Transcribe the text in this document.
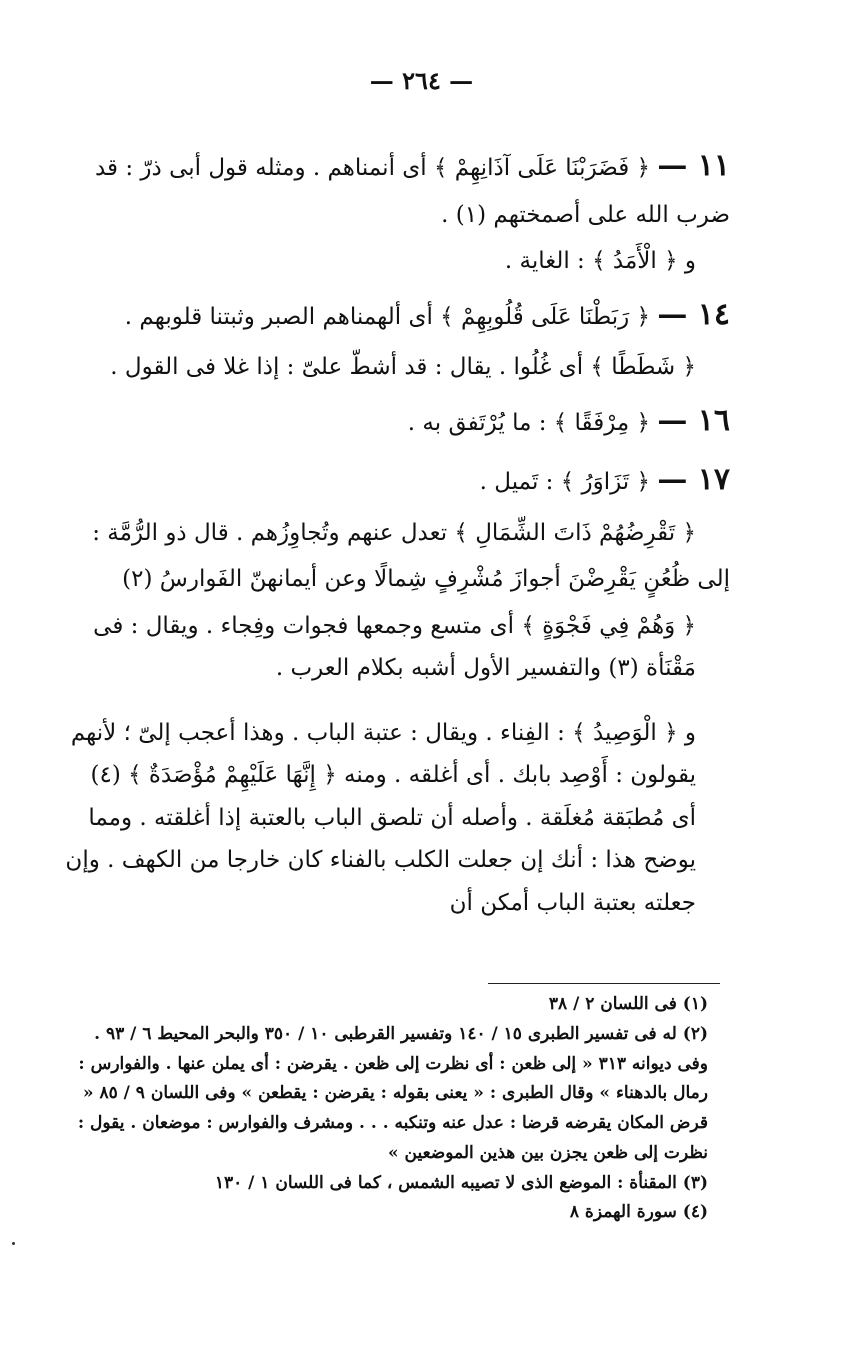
— ٢٦٤ —

١١ — ﴿ فَضَرَبْنَا عَلَى آذَانِهِمْ ﴾ أى أنمناهم . ومثله قول أبى ذرّ : قد ضرب الله على أصمختهم (١) .

و ﴿ الْأَمَدُ ﴾ : الغاية .

١٤ — ﴿ رَبَطْنَا عَلَى قُلُوبِهِمْ ﴾ أى ألهمناهم الصبر وثبتنا قلوبهم .

﴿ شَطَطًا ﴾ أى غُلُوا . يقال : قد أشطّ علىّ : إذا غلا فى القول .

١٦ — ﴿ مِرْفَقًا ﴾ : ما يُرْتَفق به .

١٧ — ﴿ تَزَاوَرُ ﴾ : تَميل .

﴿ تَقْرِضُهُمْ ذَاتَ الشِّمَالِ ﴾ تعدل عنهم وتُجاوِزُهم . قال ذو الرُّمَّة :

إلى ظُعُنٍ يَقْرِضْنَ أجوازَ مُشْرِفٍ شِمالًا وعن أيمانهنّ الفَوارسُ (٢)

﴿ وَهُمْ فِي فَجْوَةٍ ﴾ أى متسع وجمعها فجوات وفِجاء . ويقال : فى مَقْنَأة (٣) والتفسير الأول أشبه بكلام العرب .

و ﴿ الْوَصِيدُ ﴾ : الفِناء . ويقال : عتبة الباب . وهذا أعجب إلىّ ؛ لأنهم يقولون : أَوْصِد بابك . أى أغلقه . ومنه ﴿ إِنَّهَا عَلَيْهِمْ مُؤْصَدَةٌ ﴾ (٤) أى مُطبَقة مُغلَقة . وأصله أن تلصق الباب بالعتبة إذا أغلقته . ومما يوضح هذا : أنك إن جعلت الكلب بالفناء كان خارجا من الكهف . وإن جعلته بعتبة الباب أمكن أن

(١) فى اللسان ٢ / ٣٨

(٢) له فى تفسير الطبرى ١٥ / ١٤٠ وتفسير القرطبى ١٠ / ٣٥٠ والبحر المحيط ٦ / ٩٣ . وفى ديوانه ٣١٣ « إلى ظعن : أى نظرت إلى ظعن . يقرضن : أى يملن عنها . والفوارس : رمال بالدهناء » وقال الطبرى : « يعنى بقوله : يقرضن : يقطعن » وفى اللسان ٩ / ٨٥ « قرض المكان يقرضه قرضا : عدل عنه وتنكبه . . . ومشرف والفوارس : موضعان . يقول : نظرت إلى ظعن يجزن بين هذين الموضعين »

(٣) المقنأة : الموضع الذى لا تصيبه الشمس ، كما فى اللسان ١ / ١٣٠

(٤) سورة الهمزة ٨
